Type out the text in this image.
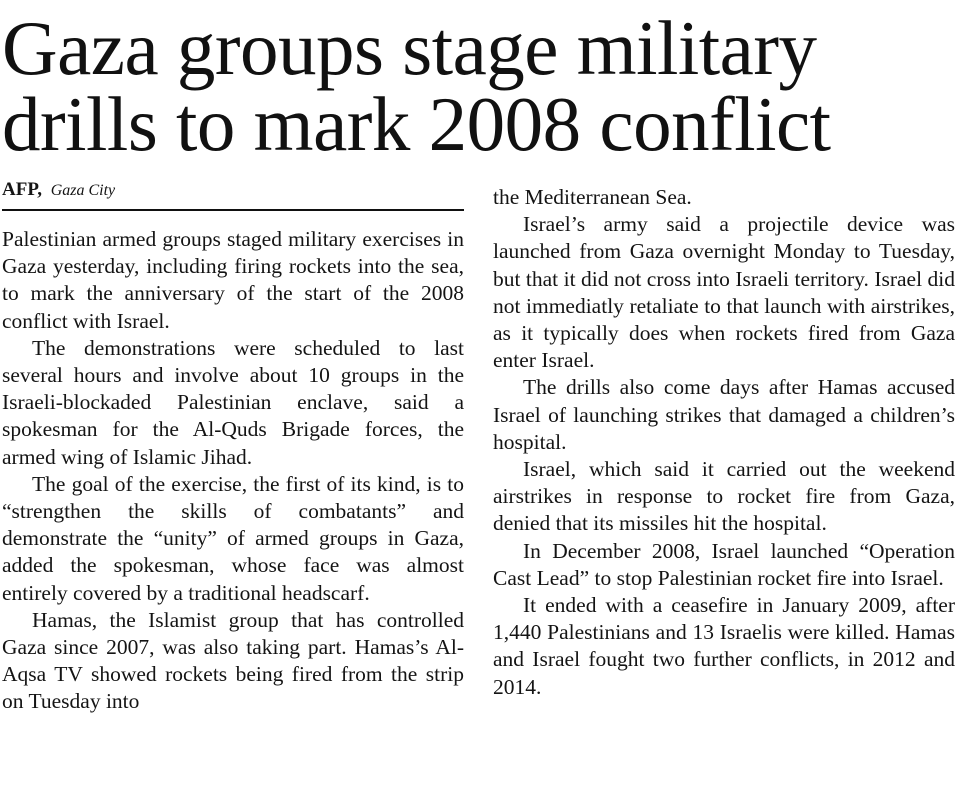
Gaza groups stage military
drills to mark 2008 conflict
AFP, Gaza City

Palestinian armed groups staged military exercises in Gaza yesterday, including firing rockets into the sea, to mark the anniversary of the start of the 2008 conflict with Israel.

The demonstrations were scheduled to last several hours and involve about 10 groups in the Israeli-blockaded Palestinian enclave, said a spokesman for the Al-Quds Brigade forces, the armed wing of Islamic Jihad.

The goal of the exercise, the first of its kind, is to “strengthen the skills of combatants” and demonstrate the “unity” of armed groups in Gaza, added the spokesman, whose face was almost entirely covered by a traditional headscarf.

Hamas, the Islamist group that has controlled Gaza since 2007, was also taking part. Hamas’s Al-Aqsa TV showed rockets being fired from the strip on Tuesday into

the Mediterranean Sea.

Israel’s army said a projectile device was launched from Gaza overnight Monday to Tuesday, but that it did not cross into Israeli territory. Israel did not immediatly retaliate to that launch with airstrikes, as it typically does when rockets fired from Gaza enter Israel.

The drills also come days after Hamas accused Israel of launching strikes that damaged a children’s hospital.

Israel, which said it carried out the weekend airstrikes in response to rocket fire from Gaza, denied that its missiles hit the hospital.

In December 2008, Israel launched “Operation Cast Lead” to stop Palestinian rocket fire into Israel.

It ended with a ceasefire in January 2009, after 1,440 Palestinians and 13 Israelis were killed. Hamas and Israel fought two further conflicts, in 2012 and 2014.
